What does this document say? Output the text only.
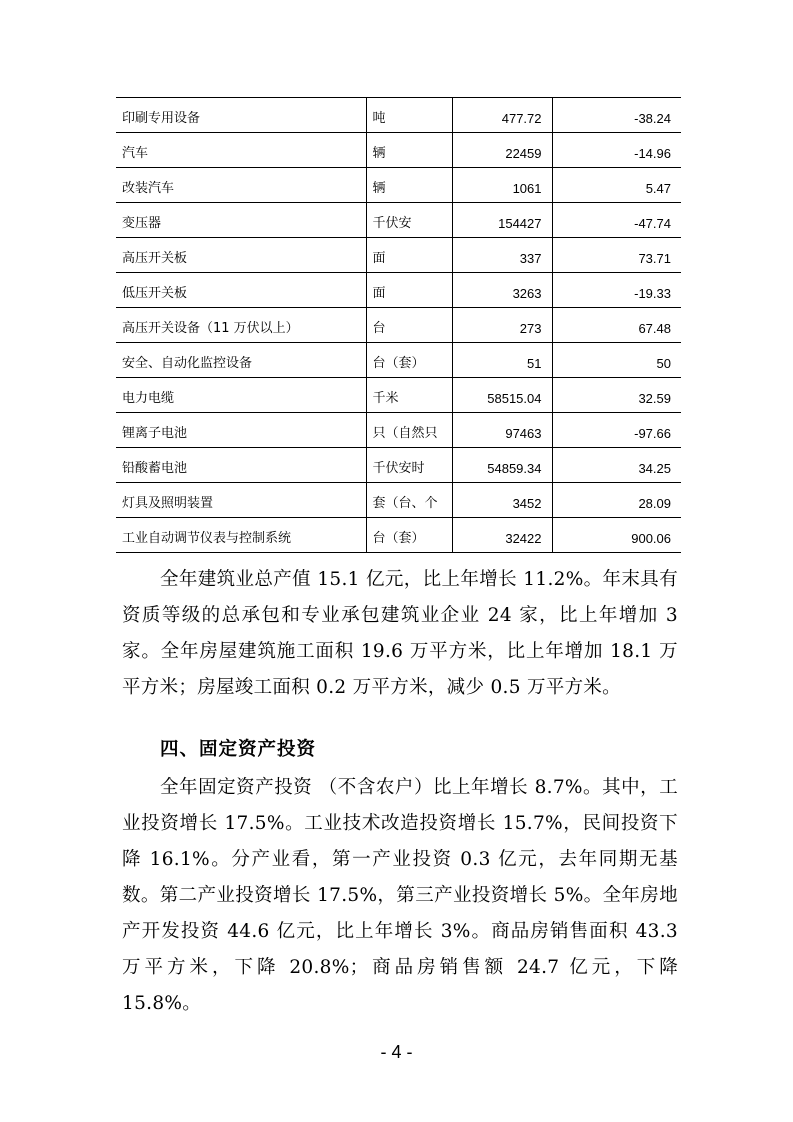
印刷专用设备	吨	477.72	-38.24
汽车	辆	22459	-14.96
改装汽车	辆	1061	5.47
变压器	千伏安	154427	-47.74
高压开关板	面	337	73.71
低压开关板	面	3263	-19.33
高压开关设备（11 万伏以上）	台	273	67.48
安全、自动化监控设备	台（套）	51	50
电力电缆	千米	58515.04	32.59
锂离子电池	只（自然只	97463	-97.66
铅酸蓄电池	千伏安时	54859.34	34.25
灯具及照明装置	套（台、个	3452	28.09
工业自动调节仪表与控制系统	台（套）	32422	900.06

全年建筑业总产值 15.1 亿元，比上年增长 11.2%。年末具有资质等级的总承包和专业承包建筑业企业 24 家，比上年增加 3 家。全年房屋建筑施工面积 19.6 万平方米，比上年增加 18.1 万平方米；房屋竣工面积 0.2 万平方米，减少 0.5 万平方米。

四、固定资产投资

全年固定资产投资 （不含农户）比上年增长 8.7%。其中，工业投资增长 17.5%。工业技术改造投资增长 15.7%，民间投资下降 16.1%。分产业看，第一产业投资 0.3 亿元，去年同期无基数。第二产业投资增长 17.5%，第三产业投资增长 5%。全年房地产开发投资 44.6 亿元，比上年增长 3%。商品房销售面积 43.3 万平方米，下降 20.8%；商品房销售额 24.7 亿元，下降 15.8%。

- 4 -
